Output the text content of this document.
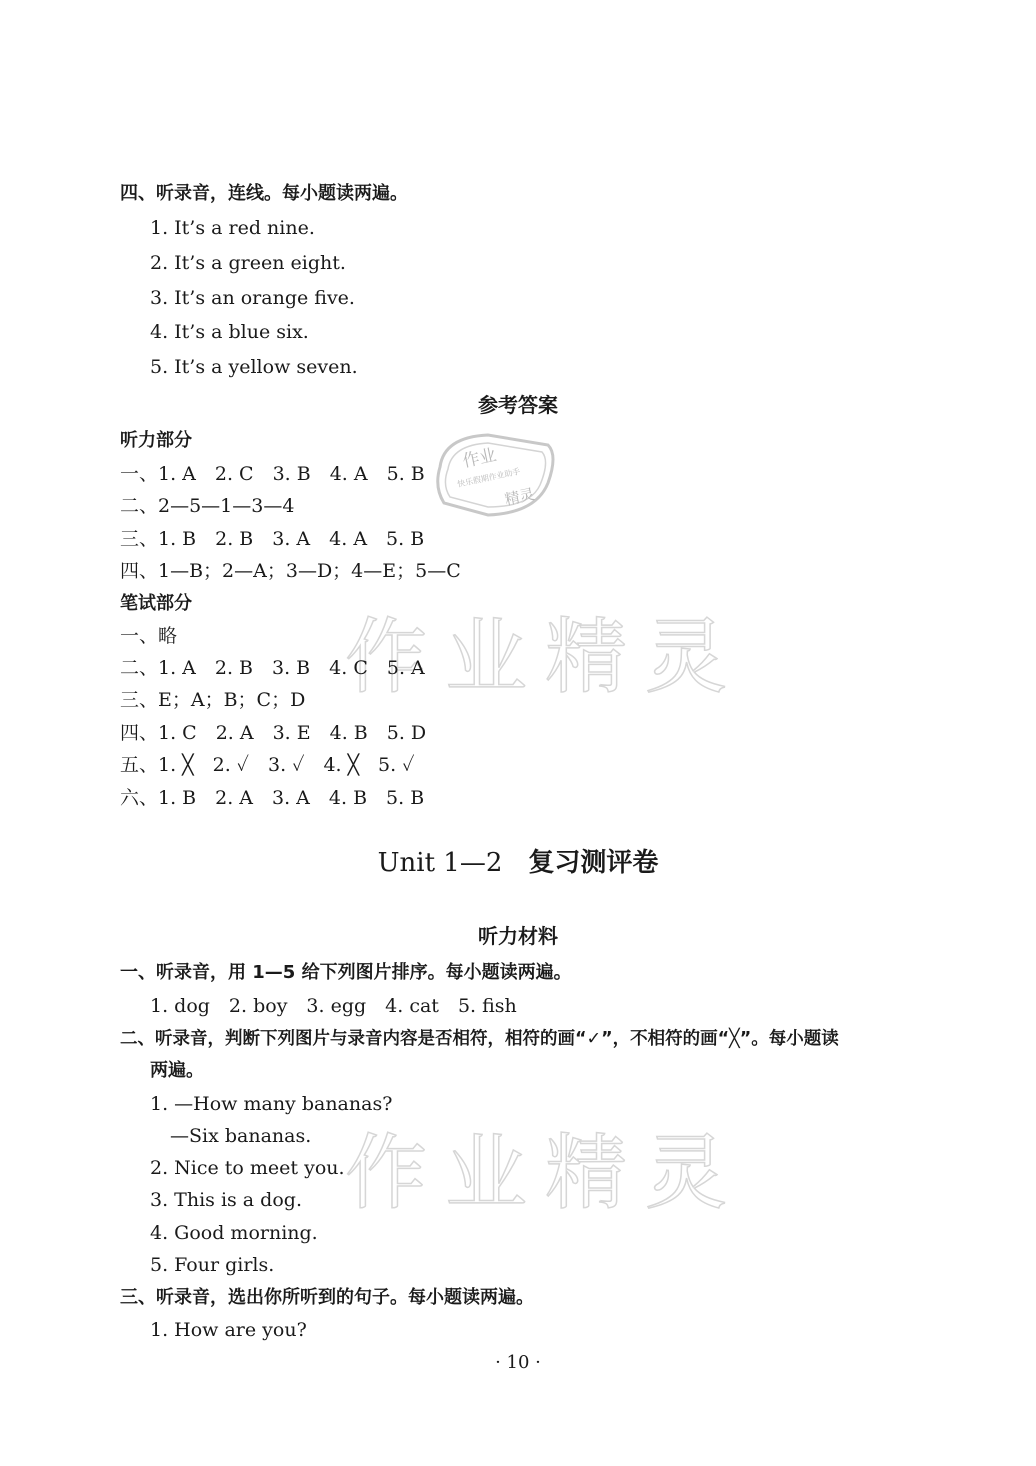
作业精灵
作业精灵
作业
快乐假期作业助手
精灵
四、听录音，连线。每小题读两遍。
1. It’s a red nine.
2. It’s a green eight.
3. It’s an orange five.
4. It’s a blue six.
5. It’s a yellow seven.
参考答案
听力部分
一、1. A　2. C　3. B　4. A　5. B
二、2—5—1—3—4
三、1. B　2. B　3. A　4. A　5. B
四、1—B；2—A；3—D；4—E；5—C
笔试部分
一、略
二、1. A　2. B　3. B　4. C　5. A
三、E；A；B；C；D
四、1. C　2. A　3. E　4. B　5. D
五、1. ╳　2. ✓　3. ✓　4. ╳　5. ✓
六、1. B　2. A　3. A　4. B　5. B
Unit 1—2 复习测评卷
听力材料
一、听录音，用 1—5 给下列图片排序。每小题读两遍。
1. dog　2. boy　3. egg　4. cat　5. fish
二、听录音，判断下列图片与录音内容是否相符，相符的画“✓”，不相符的画“╳”。每小题读
两遍。
1. —How many bananas?
—Six bananas.
2. Nice to meet you.
3. This is a dog.
4. Good morning.
5. Four girls.
三、听录音，选出你所听到的句子。每小题读两遍。
1. How are you?
· 10 ·
